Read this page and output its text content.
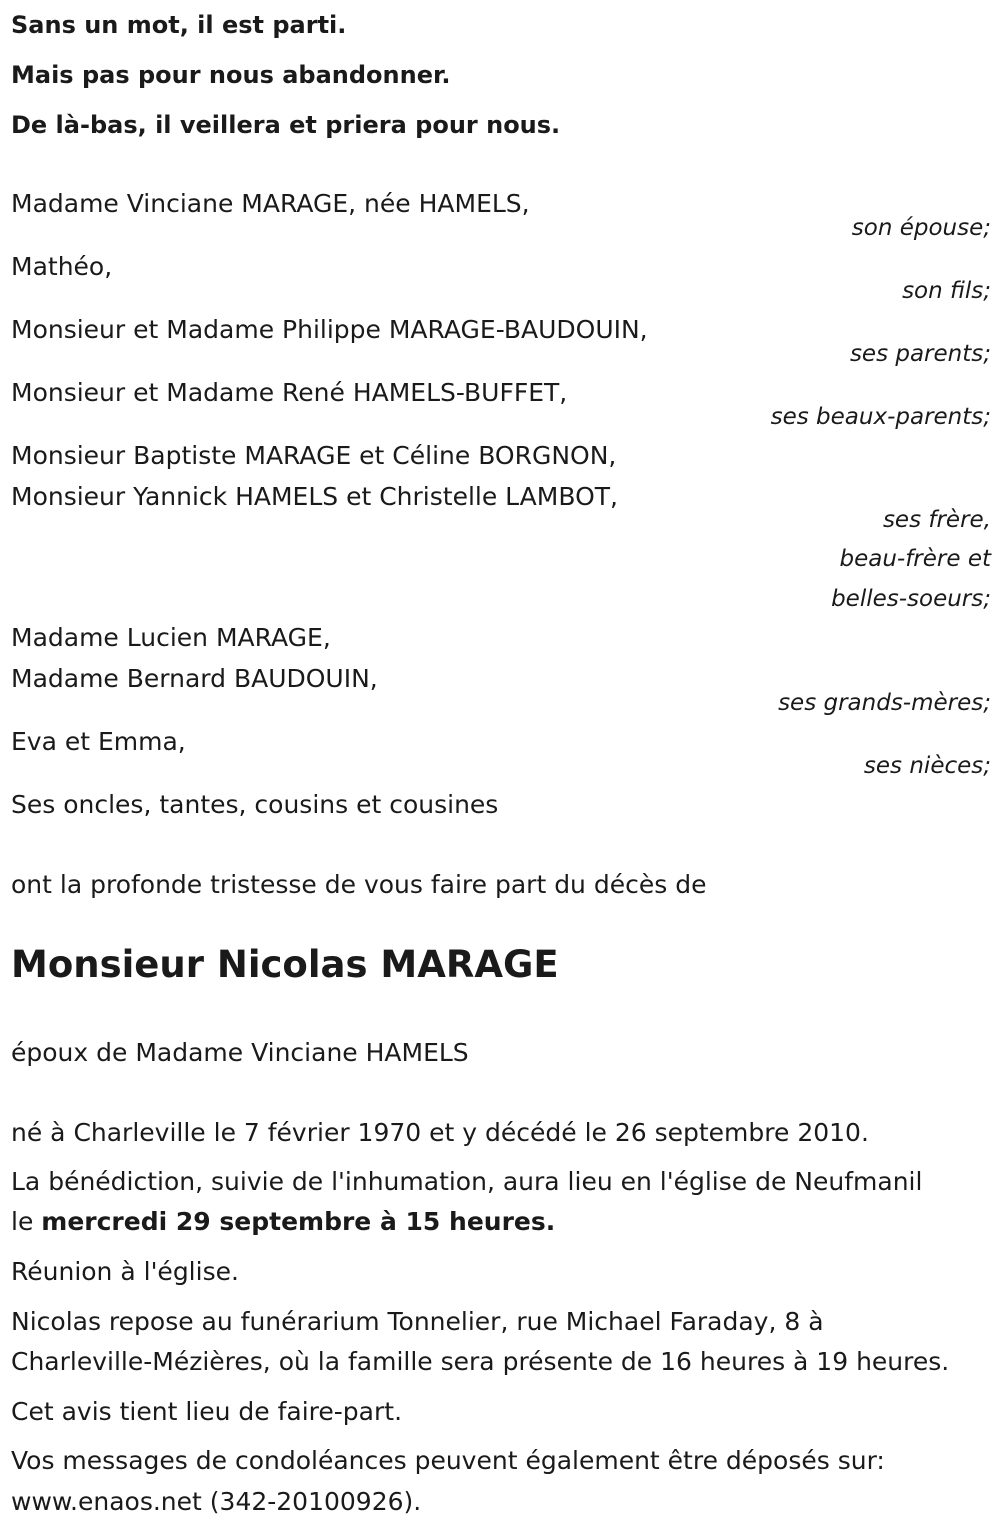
Sans un mot, il est parti.
Mais pas pour nous abandonner.
De là-bas, il veillera et priera pour nous.
Madame Vinciane MARAGE, née HAMELS,
son épouse;
Mathéo,
son fils;
Monsieur et Madame Philippe MARAGE-BAUDOUIN,
ses parents;
Monsieur et Madame René HAMELS-BUFFET,
ses beaux-parents;
Monsieur Baptiste MARAGE et Céline BORGNON,
Monsieur Yannick HAMELS et Christelle LAMBOT,
ses frère,
beau-frère et
belles-soeurs;
Madame Lucien MARAGE,
Madame Bernard BAUDOUIN,
ses grands-mères;
Eva et Emma,
ses nièces;
Ses oncles, tantes, cousins et cousines
ont la profonde tristesse de vous faire part du décès de
Monsieur Nicolas MARAGE
époux de Madame Vinciane HAMELS
né à Charleville le 7 février 1970 et y décédé le 26 septembre 2010.
La bénédiction, suivie de l'inhumation, aura lieu en l'église de Neufmanil
le mercredi 29 septembre à 15 heures.
Réunion à l'église.
Nicolas repose au funérarium Tonnelier, rue Michael Faraday, 8 à
Charleville-Mézières, où la famille sera présente de 16 heures à 19 heures.
Cet avis tient lieu de faire-part.
Vos messages de condoléances peuvent également être déposés sur:
www.enaos.net (342-20100926).
